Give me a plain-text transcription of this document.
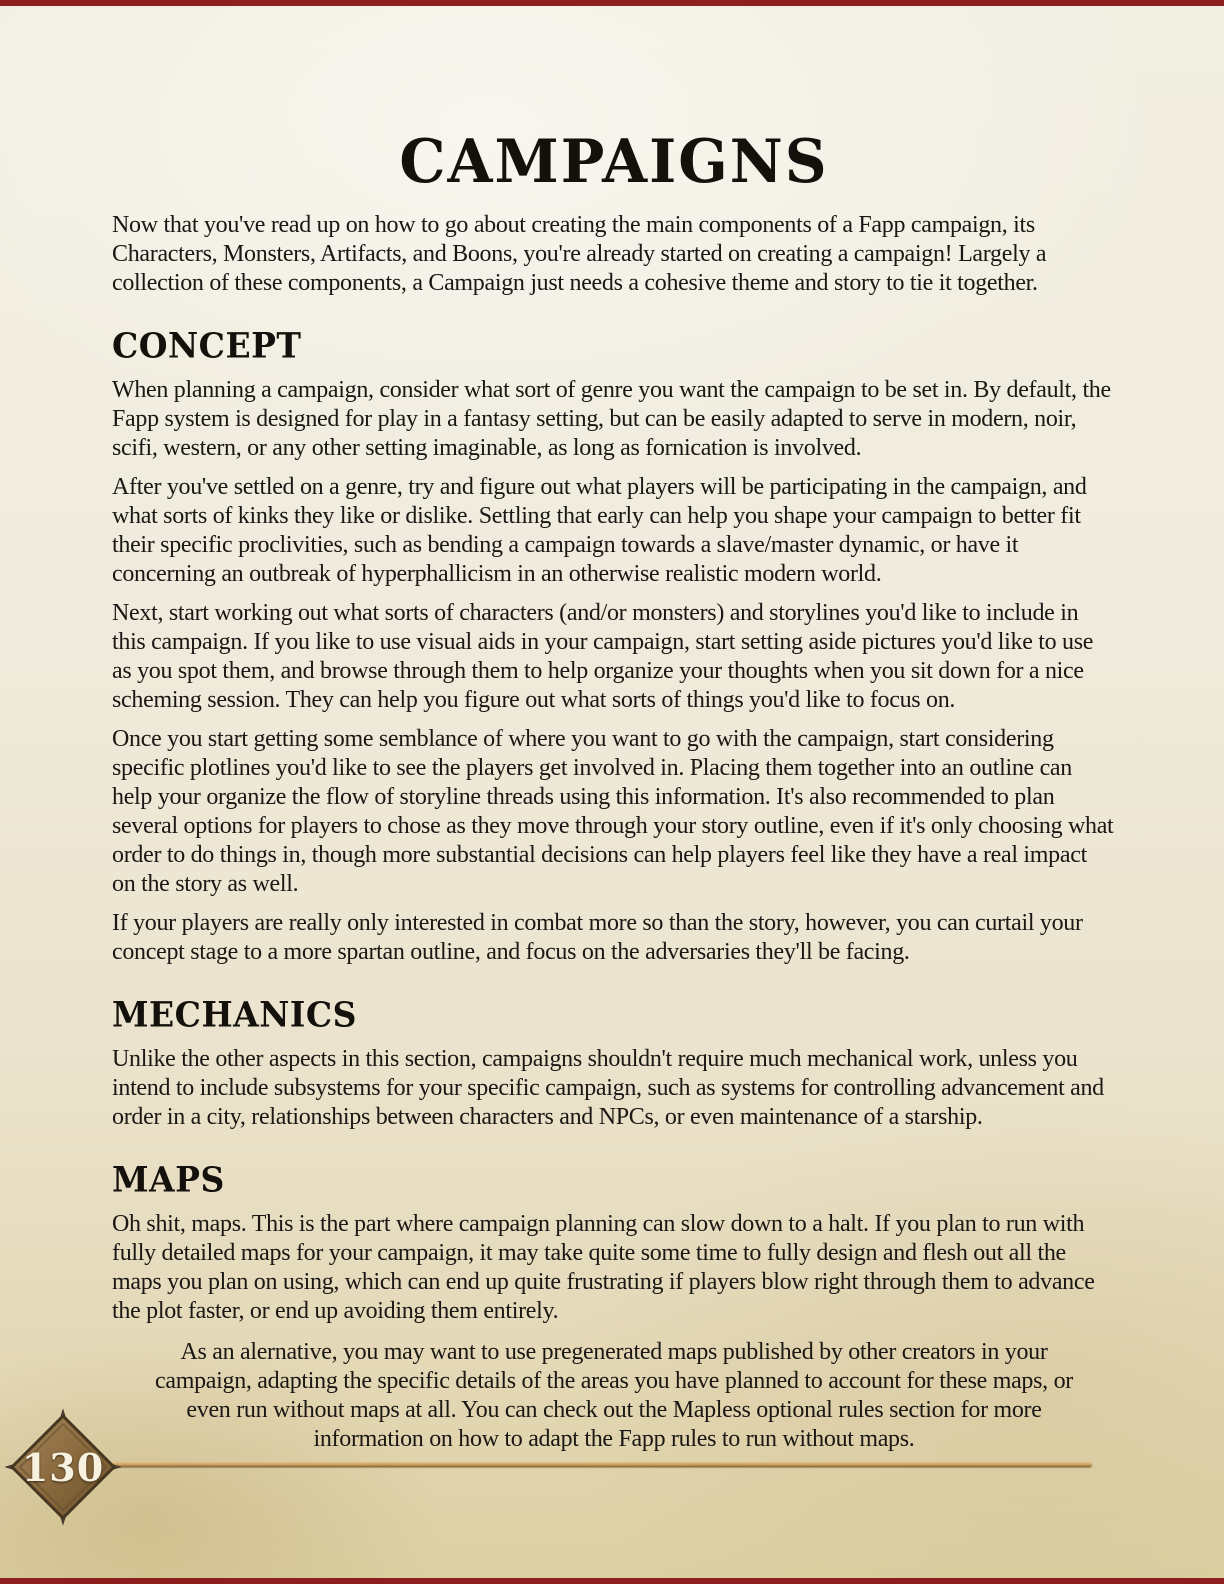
CAMPAIGNS

Now that you've read up on how to go about creating the main components of a Fapp campaign, its Characters, Monsters, Artifacts, and Boons, you're already started on creating a campaign! Largely a collection of these components, a Campaign just needs a cohesive theme and story to tie it together.

CONCEPT

When planning a campaign, consider what sort of genre you want the campaign to be set in. By default, the Fapp system is designed for play in a fantasy setting, but can be easily adapted to serve in modern, noir, scifi, western, or any other setting imaginable, as long as fornication is involved.

After you've settled on a genre, try and figure out what players will be participating in the campaign, and what sorts of kinks they like or dislike. Settling that early can help you shape your campaign to better fit their specific proclivities, such as bending a campaign towards a slave/master dynamic, or have it concerning an outbreak of hyperphallicism in an otherwise realistic modern world.

Next, start working out what sorts of characters (and/or monsters) and storylines you'd like to include in this campaign. If you like to use visual aids in your campaign, start setting aside pictures you'd like to use as you spot them, and browse through them to help organize your thoughts when you sit down for a nice scheming session. They can help you figure out what sorts of things you'd like to focus on.

Once you start getting some semblance of where you want to go with the campaign, start considering specific plotlines you'd like to see the players get involved in. Placing them together into an outline can help your organize the flow of storyline threads using this information. It's also recommended to plan several options for players to chose as they move through your story outline, even if it's only choosing what order to do things in, though more substantial decisions can help players feel like they have a real impact on the story as well.

If your players are really only interested in combat more so than the story, however, you can curtail your concept stage to a more spartan outline, and focus on the adversaries they'll be facing.

MECHANICS

Unlike the other aspects in this section, campaigns shouldn't require much mechanical work, unless you intend to include subsystems for your specific campaign, such as systems for controlling advancement and order in a city, relationships between characters and NPCs, or even maintenance of a starship.

MAPS

Oh shit, maps. This is the part where campaign planning can slow down to a halt. If you plan to run with fully detailed maps for your campaign, it may take quite some time to fully design and flesh out all the maps you plan on using, which can end up quite frustrating if players blow right through them to advance the plot faster, or end up avoiding them entirely.

As an alernative, you may want to use pregenerated maps published by other creators in your campaign, adapting the specific details of the areas you have planned to account for these maps, or even run without maps at all. You can check out the Mapless optional rules section for more information on how to adapt the Fapp rules to run without maps.

130
